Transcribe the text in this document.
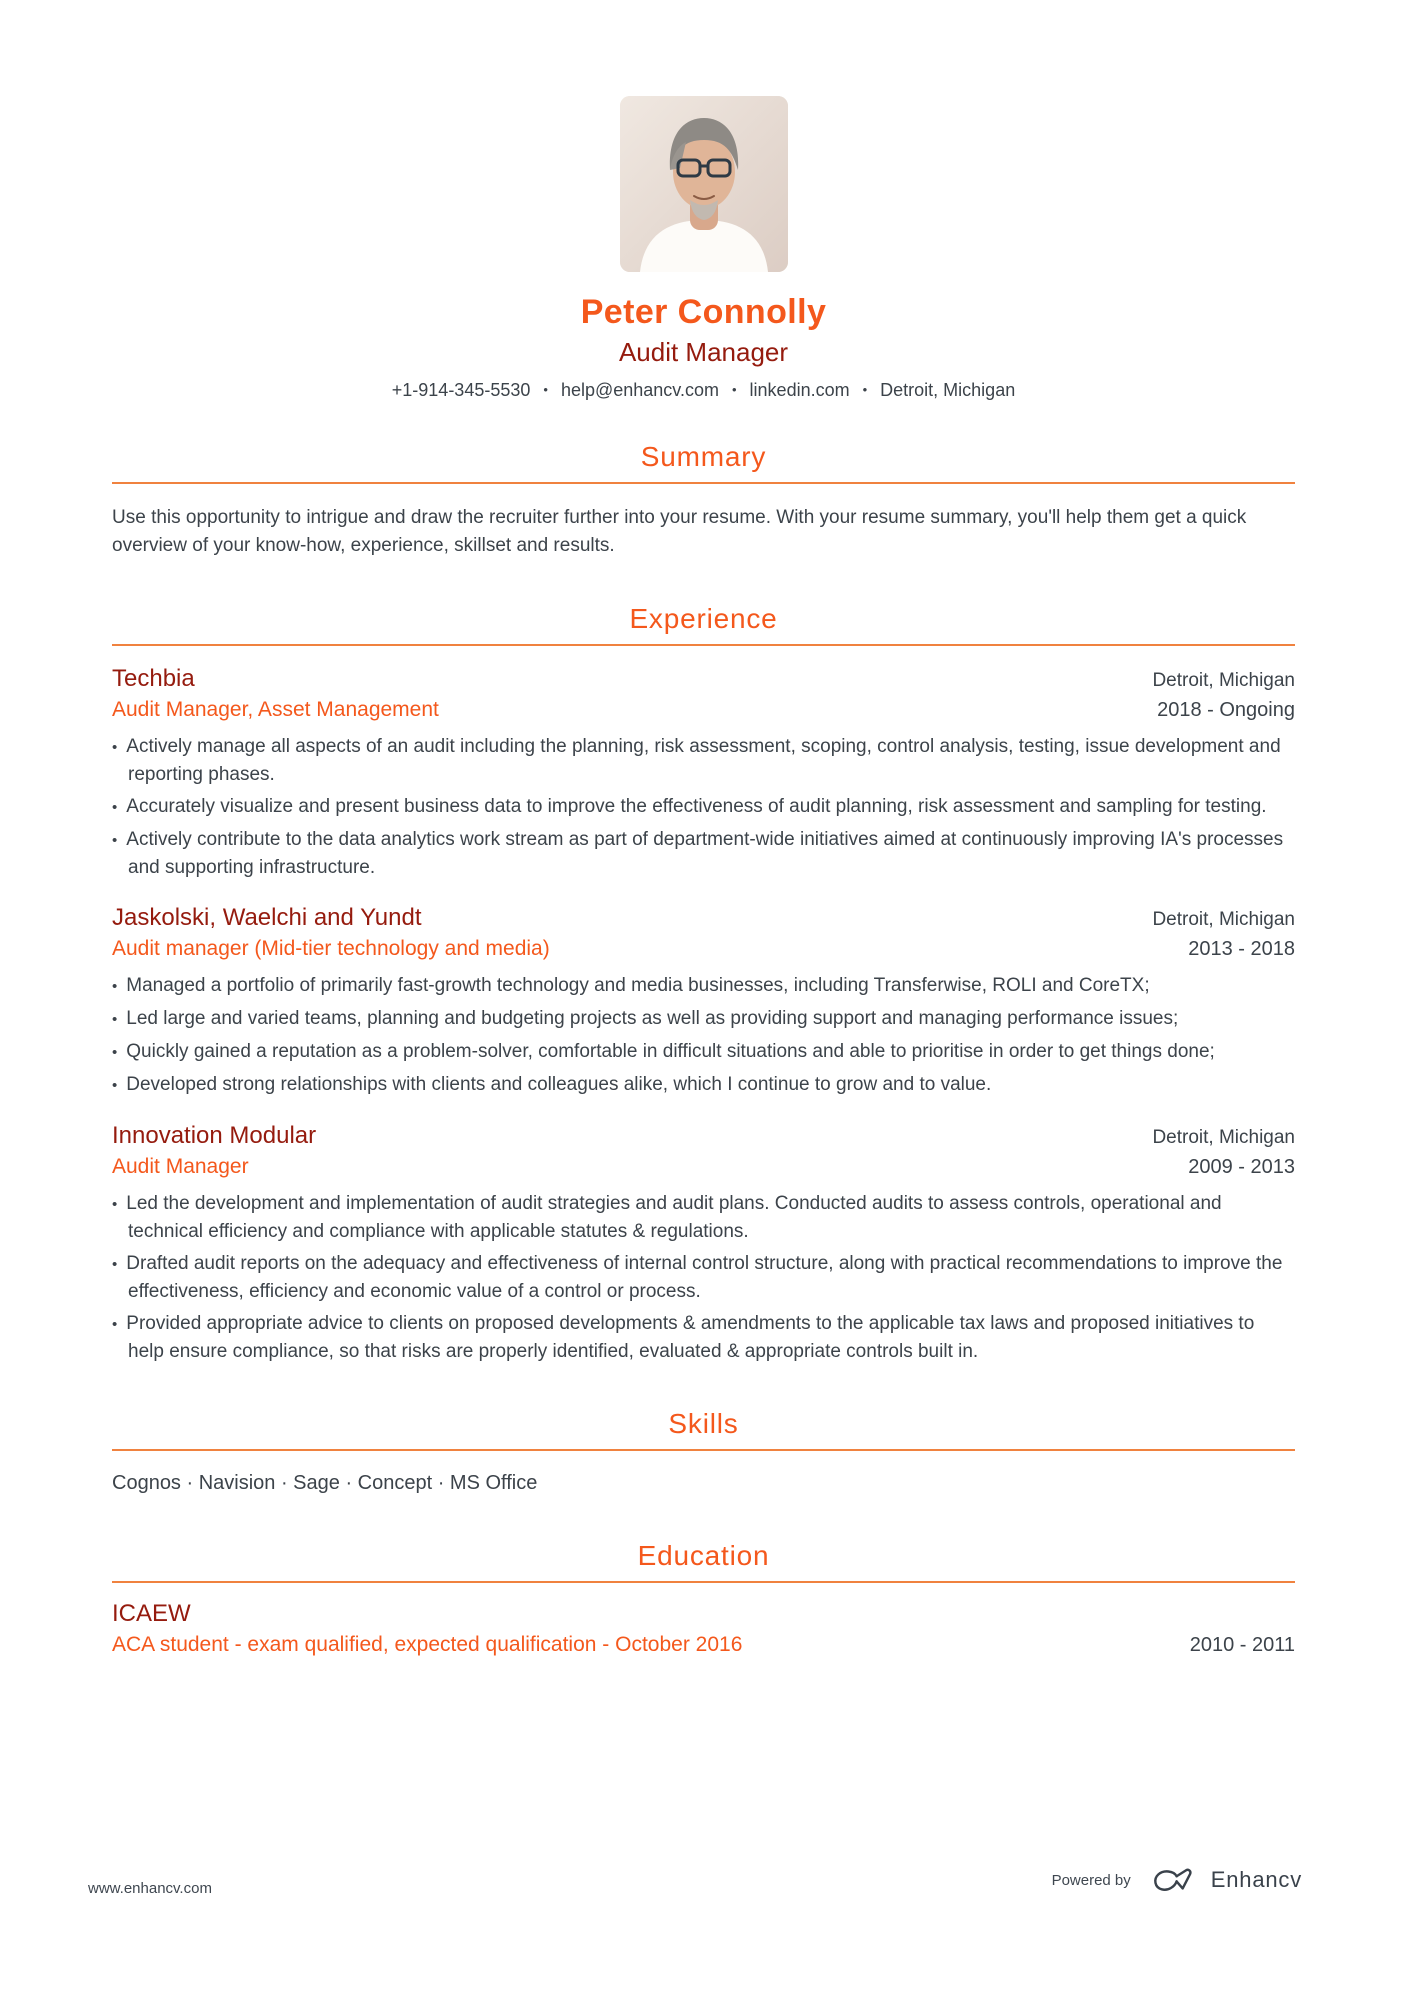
Peter Connolly
Audit Manager
+1-914-345-5530 • help@enhancv.com • linkedin.com • Detroit, Michigan
Summary

Use this opportunity to intrigue and draw the recruiter further into your resume. With your resume summary, you'll help them get a quick overview of your know-how, experience, skillset and results.

Experience
Techbia	Detroit, Michigan
Audit Manager, Asset Management	2018 - Ongoing
• Actively manage all aspects of an audit including the planning, risk assessment, scoping, control analysis, testing, issue development and reporting phases.
• Accurately visualize and present business data to improve the effectiveness of audit planning, risk assessment and sampling for testing.
• Actively contribute to the data analytics work stream as part of department-wide initiatives aimed at continuously improving IA's processes and supporting infrastructure.
Jaskolski, Waelchi and Yundt	Detroit, Michigan
Audit manager (Mid-tier technology and media)	2013 - 2018
• Managed a portfolio of primarily fast-growth technology and media businesses, including Transferwise, ROLI and CoreTX;
• Led large and varied teams, planning and budgeting projects as well as providing support and managing performance issues;
• Quickly gained a reputation as a problem-solver, comfortable in difficult situations and able to prioritise in order to get things done;
• Developed strong relationships with clients and colleagues alike, which I continue to grow and to value.
Innovation Modular	Detroit, Michigan
Audit Manager	2009 - 2013
• Led the development and implementation of audit strategies and audit plans. Conducted audits to assess controls, operational and technical efficiency and compliance with applicable statutes & regulations.
• Drafted audit reports on the adequacy and effectiveness of internal control structure, along with practical recommendations to improve the effectiveness, efficiency and economic value of a control or process.
• Provided appropriate advice to clients on proposed developments & amendments to the applicable tax laws and proposed initiatives to help ensure compliance, so that risks are properly identified, evaluated & appropriate controls built in.
Skills

Cognos · Navision · Sage · Concept · MS Office

Education
ICAEW
ACA student - exam qualified, expected qualification - October 2016	2010 - 2011
www.enhancv.com	Powered by	Enhancv
